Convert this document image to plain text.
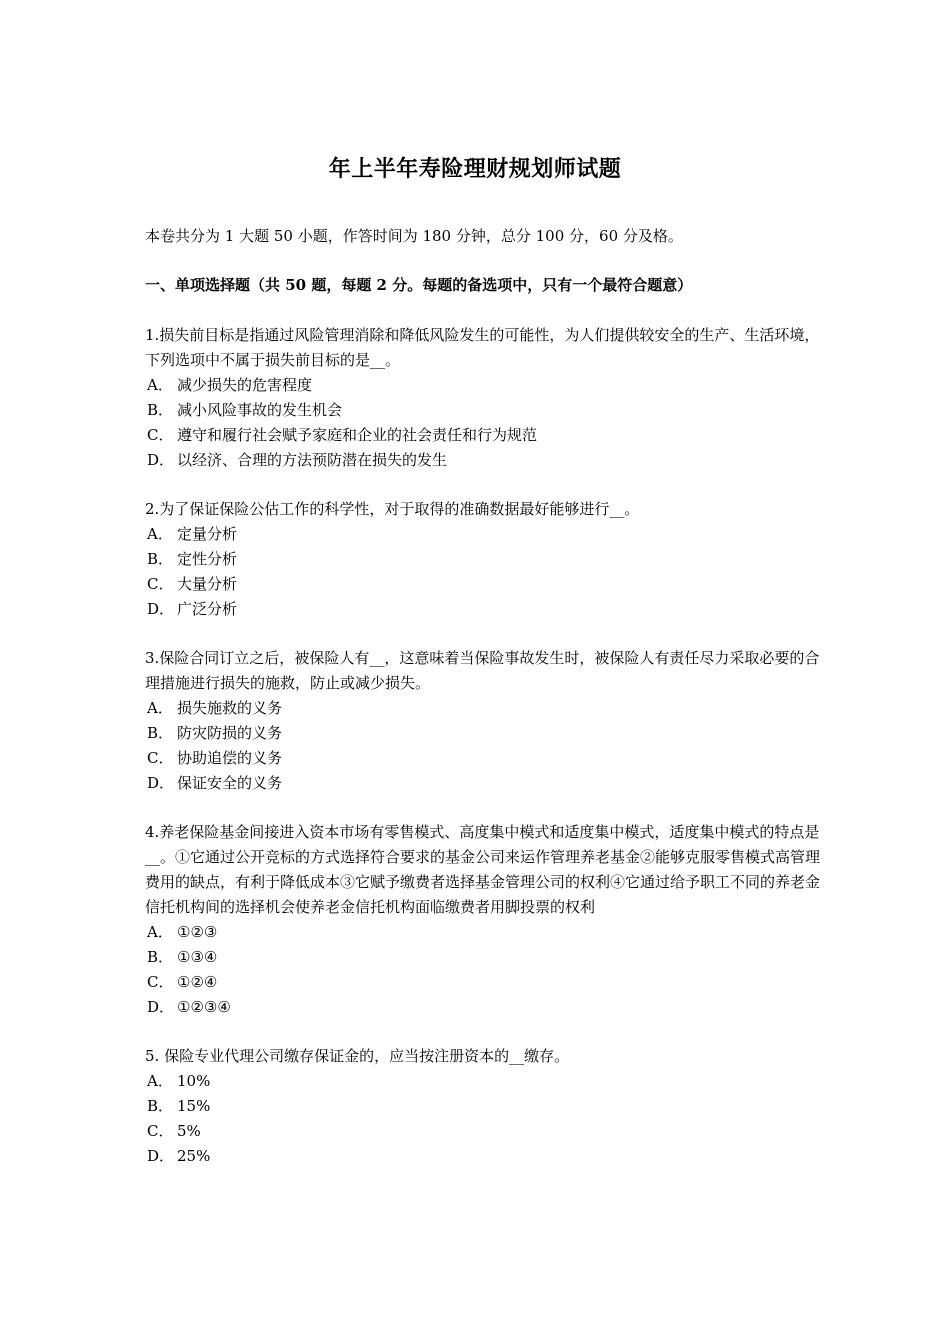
年上半年寿险理财规划师试题
本卷共分为 1 大题 50 小题，作答时间为 180 分钟，总分 100 分，60 分及格。
一、单项选择题（共 50 题，每题 2 分。每题的备选项中，只有一个最符合题意）

1.损失前目标是指通过风险管理消除和降低风险发生的可能性，为人们提供较安全的生产、生活环境，下列选项中不属于损失前目标的是__。

A． 减少损失的危害程度
B． 减小风险事故的发生机会
C． 遵守和履行社会赋予家庭和企业的社会责任和行为规范
D． 以经济、合理的方法预防潜在损失的发生

2.为了保证保险公估工作的科学性，对于取得的准确数据最好能够进行__。

A． 定量分析
B． 定性分析
C． 大量分析
D． 广泛分析

3.保险合同订立之后，被保险人有__，这意味着当保险事故发生时，被保险人有责任尽力采取必要的合理措施进行损失的施救，防止或减少损失。

A． 损失施救的义务
B． 防灾防损的义务
C． 协助追偿的义务
D． 保证安全的义务

4.养老保险基金间接进入资本市场有零售模式、高度集中模式和适度集中模式，适度集中模式的特点是__。①它通过公开竞标的方式选择符合要求的基金公司来运作管理养老基金②能够克服零售模式高管理费用的缺点，有利于降低成本③它赋予缴费者选择基金管理公司的权利④它通过给予职工不同的养老金信托机构间的选择机会使养老金信托机构面临缴费者用脚投票的权利

A． ①②③
B． ①③④
C． ①②④
D． ①②③④

5. 保险专业代理公司缴存保证金的，应当按注册资本的__缴存。

A． 10%
B． 15%
C． 5%
D． 25%
